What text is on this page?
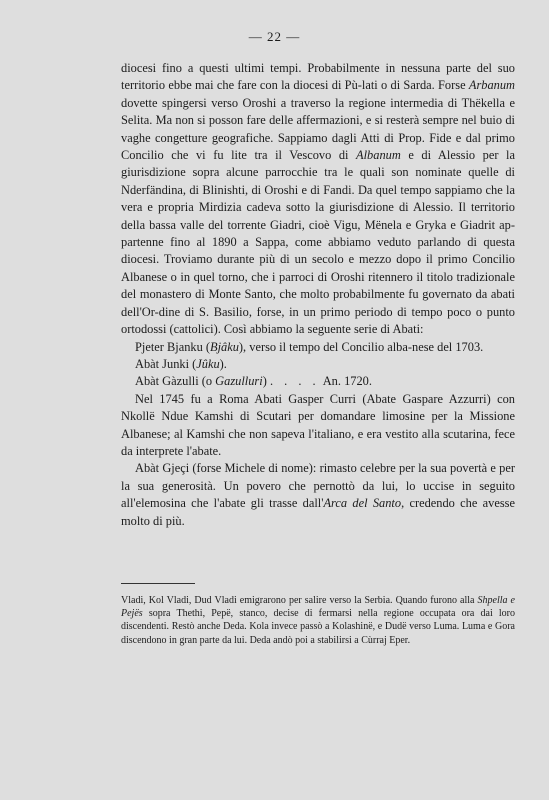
— 22 —

diocesi fino a questi ultimi tempi. Probabilmente in nessuna parte del suo territorio ebbe mai che fare con la diocesi di Pù-lati o di Sarda. Forse Arbanum dovette spingersi verso Oroshi a traverso la regione intermedia di Thëkella e Selita. Ma non si posson fare delle affermazioni, e si resterà sempre nel buio di vaghe congetture geografiche. Sappiamo dagli Atti di Prop. Fide e dal primo Concilio che vi fu lite tra il Vescovo di Albanum e di Alessio per la giurisdizione sopra alcune parrocchie tra le quali son nominate quelle di Nderfändina, di Blinishti, di Oroshi e di Fandi. Da quel tempo sappiamo che la vera e propria Mirdizia cadeva sotto la giurisdizione di Alessio. Il territorio della bassa valle del torrente Giadri, cioè Vigu, Mënela e Gryka e Giadrit ap-partenne fino al 1890 a Sappa, come abbiamo veduto parlando di questa diocesi. Troviamo durante più di un secolo e mezzo dopo il primo Concilio Albanese o in quel torno, che i parroci di Oroshi ritennero il titolo tradizionale del monastero di Monte Santo, che molto probabilmente fu governato da abati dell'Or-dine di S. Basilio, forse, in un primo periodo di tempo poco o punto ortodossi (cattolici). Così abbiamo la seguente serie di Abati:

Pjeter Bjanku (Bjâku), verso il tempo del Concilio alba-nese del 1703.

Abàt Junki (Jûku).

Abàt Gàzulli (o Gazulluri) . . . . An. 1720.

Nel 1745 fu a Roma Abati Gasper Curri (Abate Gaspare Azzurri) con Nkollë Ndue Kamshi di Scutari per domandare limosine per la Missione Albanese; al Kamshi che non sapeva l'italiano, e era vestito alla scutarina, fece da interprete l'abate.

Abàt Gjeçi (forse Michele di nome): rimasto celebre per la sua povertà e per la sua generosità. Un povero che pernottò da lui, lo uccise in seguito all'elemosina che l'abate gli trasse dall'Arca del Santo, credendo che avesse molto di più.

Vladi, Kol Vladi, Dud Vladi emigrarono per salire verso la Serbia. Quando furono alla Shpella e Pejës sopra Thethi, Pepë, stanco, decise di fermarsi nella regione occupata ora dai loro discendenti. Restò anche Deda. Kola invece passò a Kolashinë, e Dudë verso Luma. Luma e Gora discendono in gran parte da lui. Deda andò poi a stabilirsi a Cùrraj Eper.
